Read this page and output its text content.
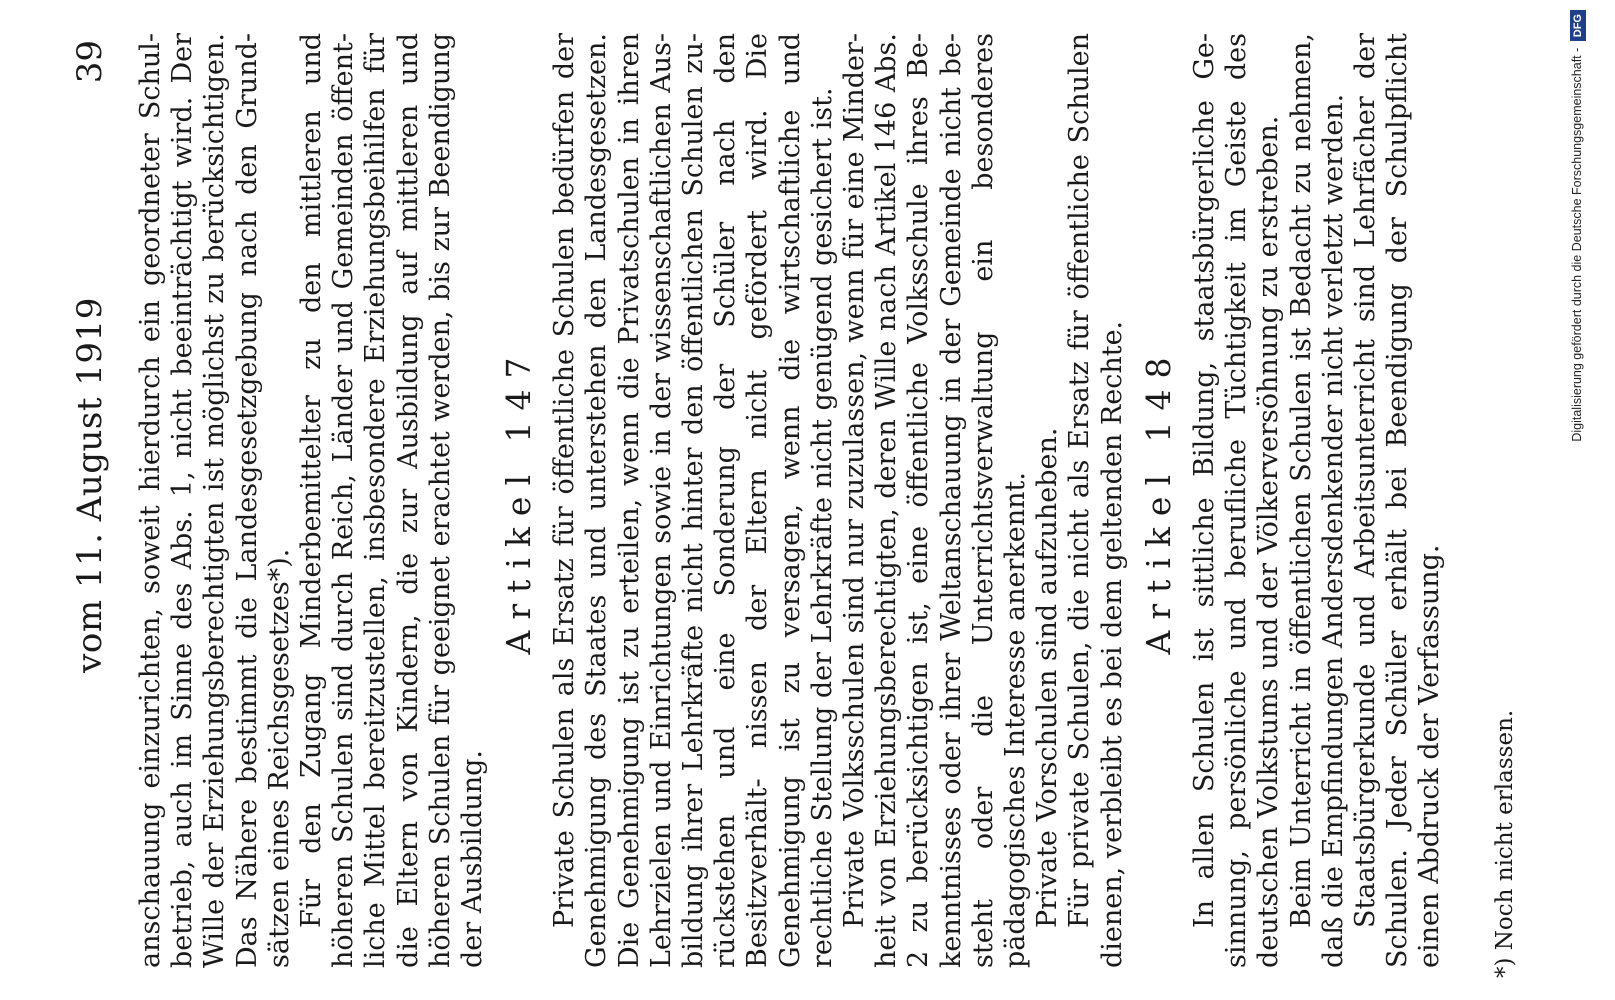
vom 11. August 1919
39 anschauung einzurichten, soweit hierdurch ein geordneter Schul- betrieb, auch im Sinne des Abs. 1, nicht beeinträchtigt wird. Der Wille der Erziehungsberechtigten ist möglichst zu berücksichtigen. Das Nähere bestimmt die Landesgesetzgebung nach den Grund- sätzen eines Reichsgesetzes*). Für den Zugang Minderbemittelter zu den mittleren und höheren Schulen sind durch Reich, Länder und Gemeinden öffent- liche Mittel bereitzustellen, insbesondere Erziehungsbeihilfen für die Eltern von Kindern, die zur Ausbildung auf mittleren und höheren Schulen für geeignet erachtet werden, bis zur Beendigung der Ausbildung.

Artikel 147 Private Schulen als Ersatz für öffentliche Schulen bedürfen der Genehmigung des Staates und unterstehen den Landesgesetzen. Die Genehmigung ist zu erteilen, wenn die Privatschulen in ihren Lehrzielen und Einrichtungen sowie in der wissenschaftlichen Aus- bildung ihrer Lehrkräfte nicht hinter den öffentlichen Schulen zu- rückstehen und eine Sonderung der Schüler nach den Besitzverhält- nissen der Eltern nicht gefördert wird. Die Genehmigung ist zu versagen, wenn die wirtschaftliche und rechtliche Stellung der Lehrkräfte nicht genügend gesichert ist. Private Volksschulen sind nur zuzulassen, wenn für eine Minder- heit von Erziehungsberechtigten, deren Wille nach Artikel 146 Abs. 2 zu berücksichtigen ist, eine öffentliche Volksschule ihres Be- kenntnisses oder ihrer Weltanschauung in der Gemeinde nicht be- steht oder die Unterrichtsverwaltung ein besonderes pädagogisches Interesse anerkennt. Private Vorschulen sind aufzuheben. Für private Schulen, die nicht als Ersatz für öffentliche Schulen dienen, verbleibt es bei dem geltenden Rechte. Artikel 148 In allen Schulen ist sittliche Bildung, staatsbürgerliche Ge- sinnung, persönliche und berufliche Tüchtigkeit im Geiste des deutschen Volkstums und der Völkerversöhnung zu erstreben. Beim Unterricht in öffentlichen Schulen ist Bedacht zu nehmen, daß die Empfindungen Andersdenkender nicht verletzt werden. Staatsbürgerkunde und Arbeitsunterricht sind Lehrfächer der Schulen. Jeder Schüler erhält bei Beendigung der Schulpflicht einen Abdruck der Verfassung. *) Noch nicht erlassen.
Digitalisierung gefördert durch die Deutsche Forschungsgemeinschaft - DFG
